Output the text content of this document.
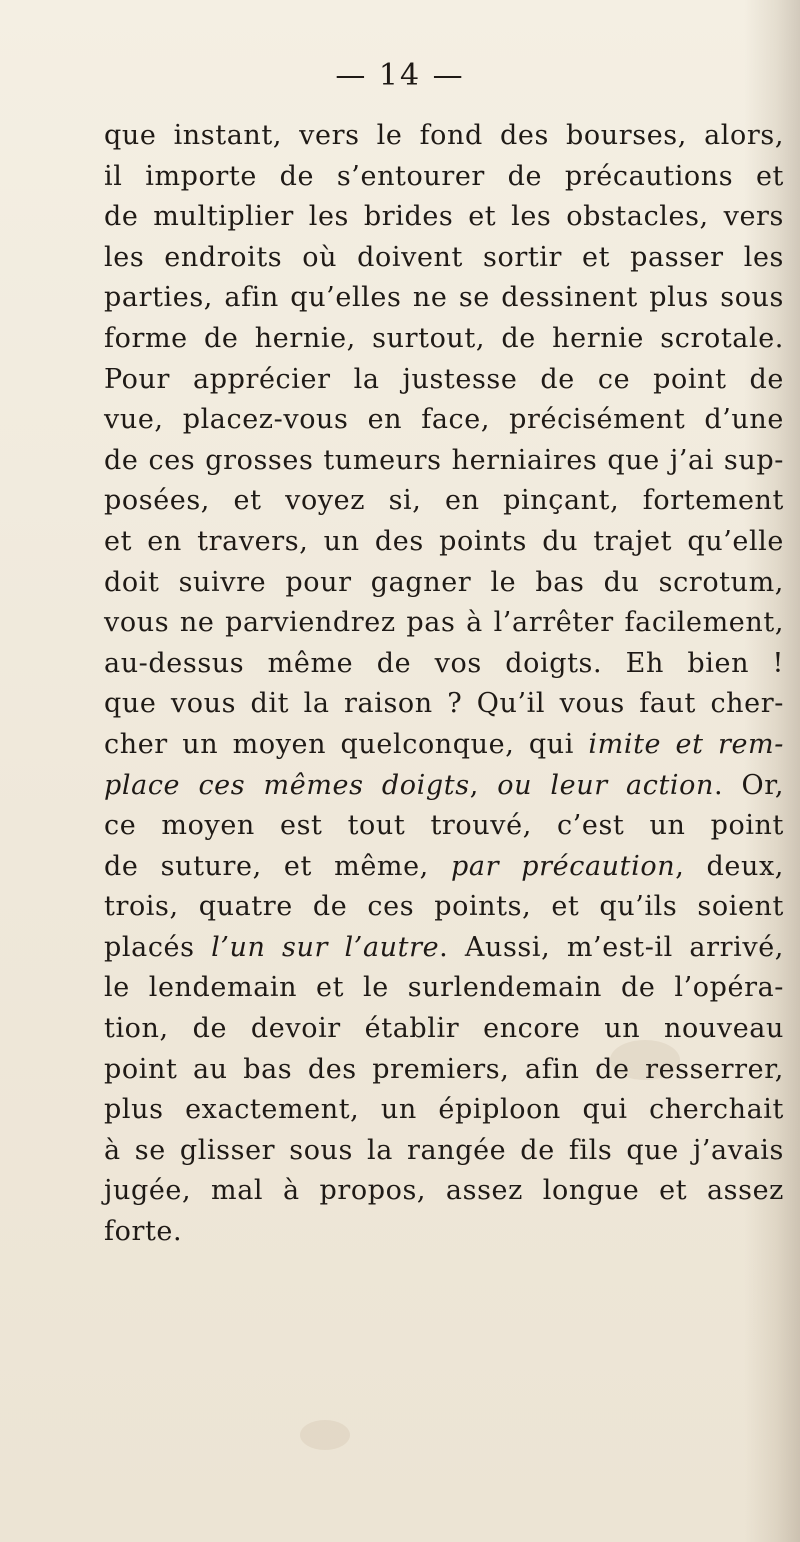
— 14 —
que instant, vers le fond des bourses, alors,
il importe de s’entourer de précautions et
de multiplier les brides et les obstacles, vers
les endroits où doivent sortir et passer les
parties, afin qu’elles ne se dessinent plus sous
forme de hernie, surtout, de hernie scrotale.
Pour apprécier la justesse de ce point de
vue, placez-vous en face, précisément d’une
de ces grosses tumeurs herniaires que j’ai sup-
posées, et voyez si, en pinçant, fortement
et en travers, un des points du trajet qu’elle
doit suivre pour gagner le bas du scrotum,
vous ne parviendrez pas à l’arrêter facilement,
au-dessus même de vos doigts. Eh bien !
que vous dit la raison ? Qu’il vous faut cher-
cher un moyen quelconque, qui imite et rem-
place ces mêmes doigts, ou leur action. Or,
ce moyen est tout trouvé, c’est un point
de suture, et même, par précaution, deux,
trois, quatre de ces points, et qu’ils soient
placés l’un sur l’autre. Aussi, m’est-il arrivé,
le lendemain et le surlendemain de l’opéra-
tion, de devoir établir encore un nouveau
point au bas des premiers, afin de resserrer,
plus exactement, un épiploon qui cherchait
à se glisser sous la rangée de fils que j’avais
jugée, mal à propos, assez longue et assez
forte.
